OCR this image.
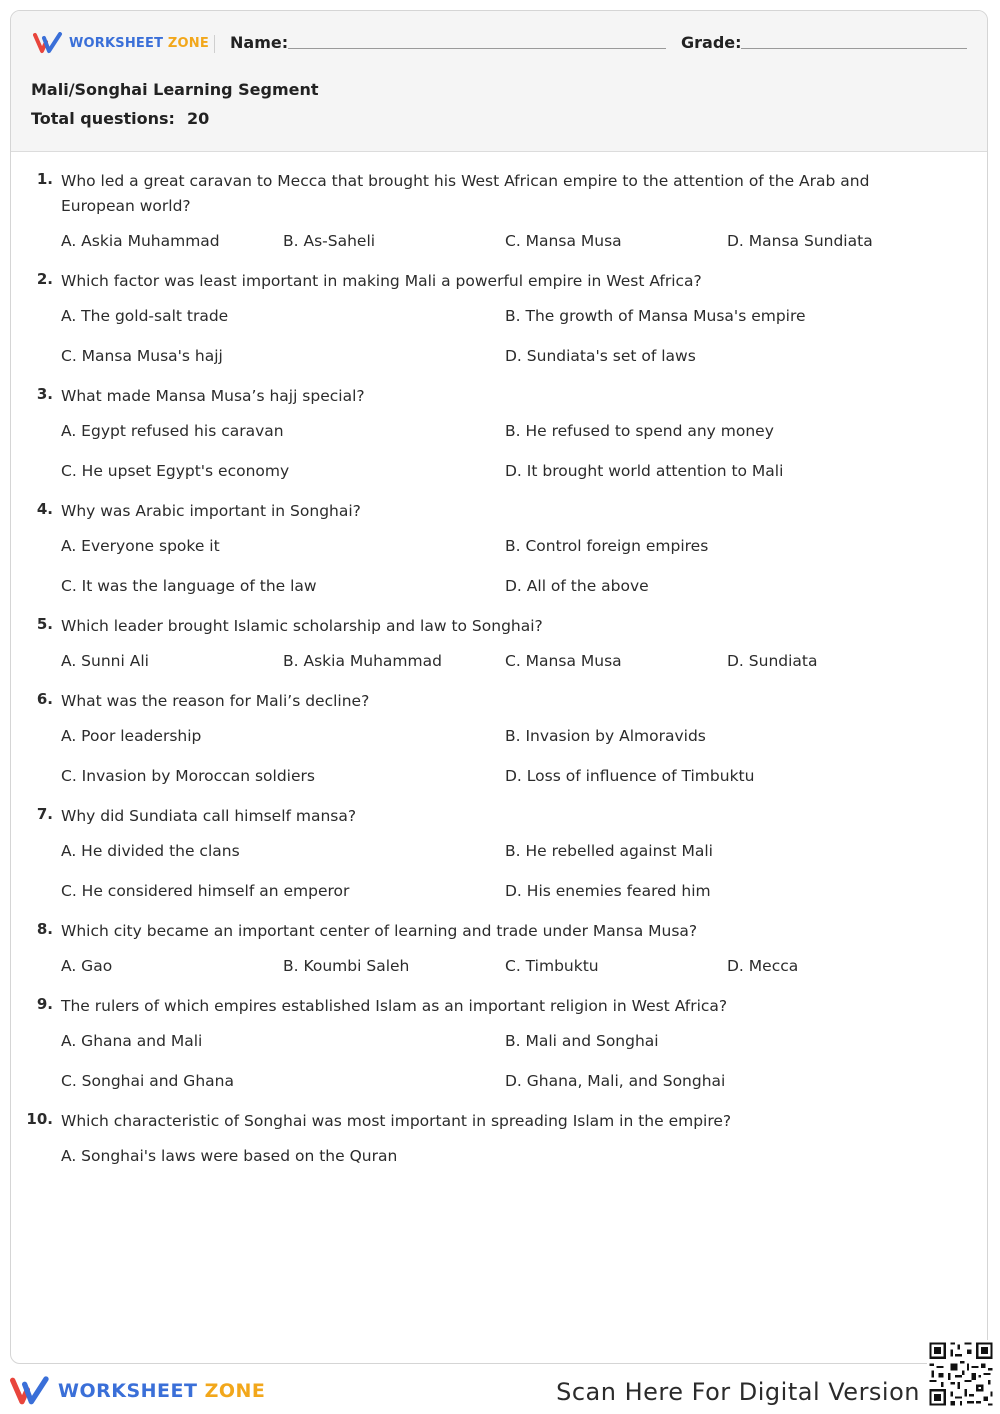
WORKSHEET ZONE Name:	Grade:
Mali/Songhai Learning Segment
Total questions: 20
1. Who led a great caravan to Mecca that brought his West African empire to the attention of the Arab and European world?
A. Askia Muhammad	B. As-Saheli	C. Mansa Musa	D. Mansa Sundiata
2. Which factor was least important in making Mali a powerful empire in West Africa?
A. The gold-salt trade	B. The growth of Mansa Musa's empire
C. Mansa Musa's hajj	D. Sundiata's set of laws
3. What made Mansa Musa’s hajj special?
A. Egypt refused his caravan	B. He refused to spend any money
C. He upset Egypt's economy	D. It brought world attention to Mali
4. Why was Arabic important in Songhai?
A. Everyone spoke it	B. Control foreign empires
C. It was the language of the law	D. All of the above
5. Which leader brought Islamic scholarship and law to Songhai?
A. Sunni Ali	B. Askia Muhammad	C. Mansa Musa	D. Sundiata
6. What was the reason for Mali’s decline?
A. Poor leadership	B. Invasion by Almoravids
C. Invasion by Moroccan soldiers	D. Loss of influence of Timbuktu
7. Why did Sundiata call himself mansa?
A. He divided the clans	B. He rebelled against Mali
C. He considered himself an emperor	D. His enemies feared him
8. Which city became an important center of learning and trade under Mansa Musa?
A. Gao	B. Koumbi Saleh	C. Timbuktu	D. Mecca
9. The rulers of which empires established Islam as an important religion in West Africa?
A. Ghana and Mali	B. Mali and Songhai
C. Songhai and Ghana	D. Ghana, Mali, and Songhai
10. Which characteristic of Songhai was most important in spreading Islam in the empire?
A. Songhai's laws were based on the Quran
WORKSHEET ZONE	Scan Here For Digital Version
